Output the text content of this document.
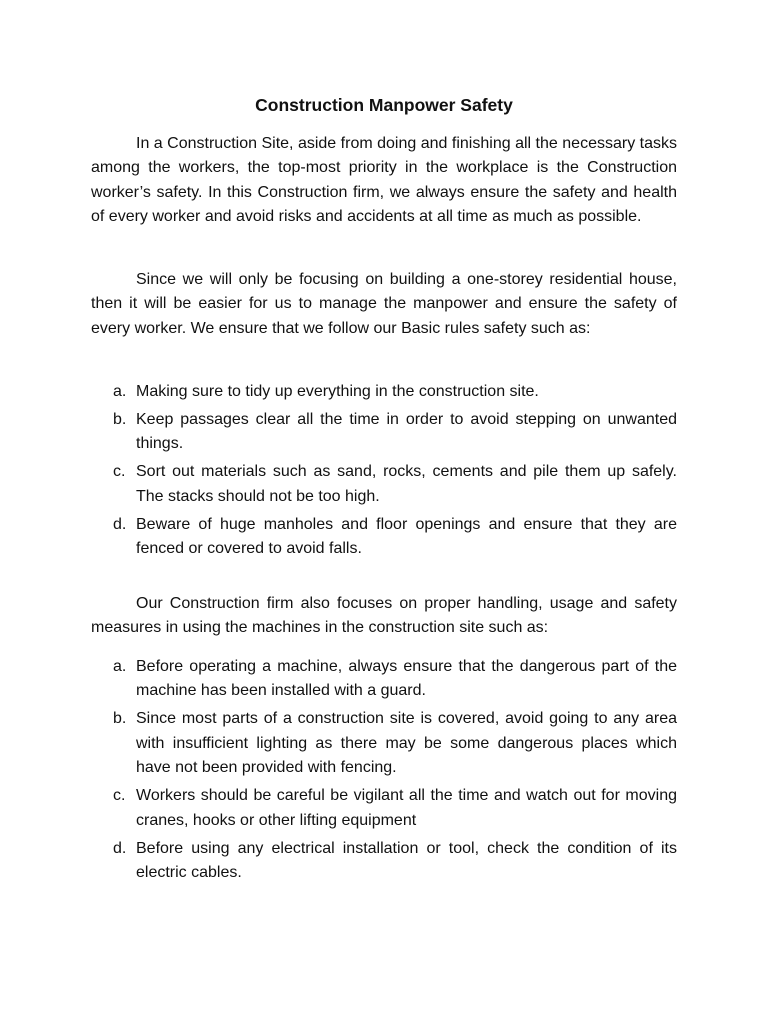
Construction Manpower Safety

In a Construction Site, aside from doing and finishing all the necessary tasks among the workers, the top-most priority in the workplace is the Construction worker’s safety. In this Construction firm, we always ensure the safety and health of every worker and avoid risks and accidents at all time as much as possible.

Since we will only be focusing on building a one-storey residential house, then it will be easier for us to manage the manpower and ensure the safety of every worker. We ensure that we follow our Basic rules safety such as:

a. Making sure to tidy up everything in the construction site.
b. Keep passages clear all the time in order to avoid stepping on unwanted things.
c. Sort out materials such as sand, rocks, cements and pile them up safely. The stacks should not be too high.
d. Beware of huge manholes and floor openings and ensure that they are fenced or covered to avoid falls.

Our Construction firm also focuses on proper handling, usage and safety measures in using the machines in the construction site such as:

a. Before operating a machine, always ensure that the dangerous part of the machine has been installed with a guard.
b. Since most parts of a construction site is covered, avoid going to any area with insufficient lighting as there may be some dangerous places which have not been provided with fencing.
c. Workers should be careful be vigilant all the time and watch out for moving cranes, hooks or other lifting equipment
d. Before using any electrical installation or tool, check the condition of its electric cables.
